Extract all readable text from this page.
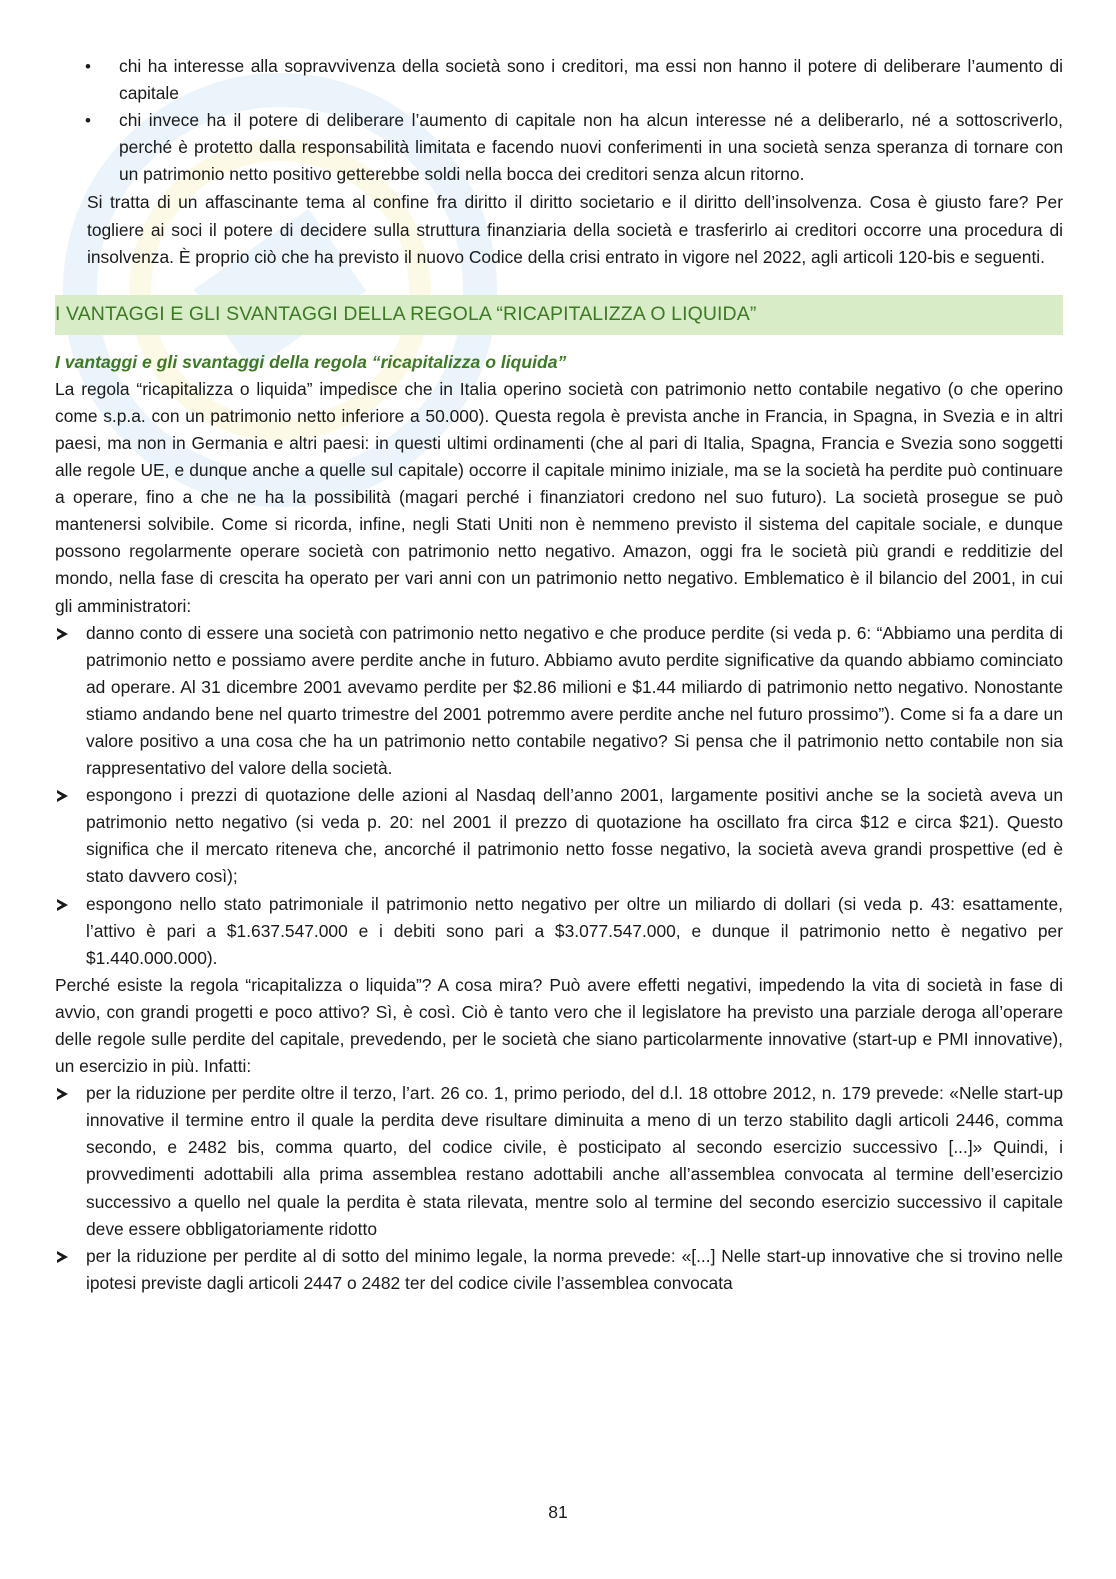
• chi ha interesse alla sopravvivenza della società sono i creditori, ma essi non hanno il potere di deliberare l’aumento di capitale
• chi invece ha il potere di deliberare l’aumento di capitale non ha alcun interesse né a deliberarlo, né a sottoscriverlo, perché è protetto dalla responsabilità limitata e facendo nuovi conferimenti in una società senza speranza di tornare con un patrimonio netto positivo getterebbe soldi nella bocca dei creditori senza alcun ritorno.

Si tratta di un affascinante tema al confine fra diritto il diritto societario e il diritto dell’insolvenza. Cosa è giusto fare? Per togliere ai soci il potere di decidere sulla struttura finanziaria della società e trasferirlo ai creditori occorre una procedura di insolvenza. È proprio ciò che ha previsto il nuovo Codice della crisi entrato in vigore nel 2022, agli articoli 120-bis e seguenti.

I VANTAGGI E GLI SVANTAGGI DELLA REGOLA “RICAPITALIZZA O LIQUIDA”
I vantaggi e gli svantaggi della regola “ricapitalizza o liquida”

La regola “ricapitalizza o liquida” impedisce che in Italia operino società con patrimonio netto contabile negativo (o che operino come s.p.a. con un patrimonio netto inferiore a 50.000). Questa regola è prevista anche in Francia, in Spagna, in Svezia e in altri paesi, ma non in Germania e altri paesi: in questi ultimi ordinamenti (che al pari di Italia, Spagna, Francia e Svezia sono soggetti alle regole UE, e dunque anche a quelle sul capitale) occorre il capitale minimo iniziale, ma se la società ha perdite può continuare a operare, fino a che ne ha la possibilità (magari perché i finanziatori credono nel suo futuro). La società prosegue se può mantenersi solvibile. Come si ricorda, infine, negli Stati Uniti non è nemmeno previsto il sistema del capitale sociale, e dunque possono regolarmente operare società con patrimonio netto negativo. Amazon, oggi fra le società più grandi e redditizie del mondo, nella fase di crescita ha operato per vari anni con un patrimonio netto negativo. Emblematico è il bilancio del 2001, in cui gli amministratori:

danno conto di essere una società con patrimonio netto negativo e che produce perdite (si veda p. 6: “Abbiamo una perdita di patrimonio netto e possiamo avere perdite anche in futuro. Abbiamo avuto perdite significative da quando abbiamo cominciato ad operare. Al 31 dicembre 2001 avevamo perdite per $2.86 milioni e $1.44 miliardo di patrimonio netto negativo. Nonostante stiamo andando bene nel quarto trimestre del 2001 potremmo avere perdite anche nel futuro prossimo”). Come si fa a dare un valore positivo a una cosa che ha un patrimonio netto contabile negativo? Si pensa che il patrimonio netto contabile non sia rappresentativo del valore della società.
espongono i prezzi di quotazione delle azioni al Nasdaq dell’anno 2001, largamente positivi anche se la società aveva un patrimonio netto negativo (si veda p. 20: nel 2001 il prezzo di quotazione ha oscillato fra circa $12 e circa $21). Questo significa che il mercato riteneva che, ancorché il patrimonio netto fosse negativo, la società aveva grandi prospettive (ed è stato davvero così);
espongono nello stato patrimoniale il patrimonio netto negativo per oltre un miliardo di dollari (si veda p. 43: esattamente, l’attivo è pari a $1.637.547.000 e i debiti sono pari a $3.077.547.000, e dunque il patrimonio netto è negativo per $1.440.000.000).

Perché esiste la regola “ricapitalizza o liquida”? A cosa mira? Può avere effetti negativi, impedendo la vita di società in fase di avvio, con grandi progetti e poco attivo? Sì, è così. Ciò è tanto vero che il legislatore ha previsto una parziale deroga all’operare delle regole sulle perdite del capitale, prevedendo, per le società che siano particolarmente innovative (start-up e PMI innovative), un esercizio in più. Infatti:

per la riduzione per perdite oltre il terzo, l’art. 26 co. 1, primo periodo, del d.l. 18 ottobre 2012, n. 179 prevede: «Nelle start-up innovative il termine entro il quale la perdita deve risultare diminuita a meno di un terzo stabilito dagli articoli 2446, comma secondo, e 2482 bis, comma quarto, del codice civile, è posticipato al secondo esercizio successivo [...]» Quindi, i provvedimenti adottabili alla prima assemblea restano adottabili anche all’assemblea convocata al termine dell’esercizio successivo a quello nel quale la perdita è stata rilevata, mentre solo al termine del secondo esercizio successivo il capitale deve essere obbligatoriamente ridotto
per la riduzione per perdite al di sotto del minimo legale, la norma prevede: «[...] Nelle start-up innovative che si trovino nelle ipotesi previste dagli articoli 2447 o 2482 ter del codice civile l’assemblea convocata
81
